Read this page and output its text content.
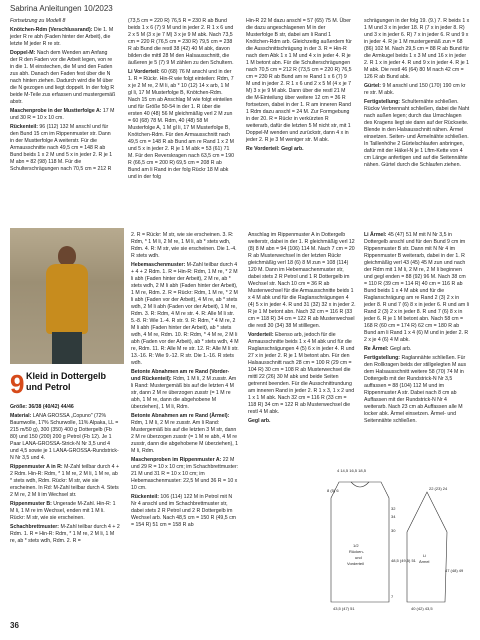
Sabrina Anleitungen 10/2023

Fortsetzung zu Modell 8

Knötchen-Rdm (Verschlussrand): Die 1. M jeder R re abh (Faden hinter der Arbeit), die letzte M jeder R re str.

Doppel-M: Nach dem Wenden am Anfang der R den Faden vor die Arbeit legen, von re in die 1. M einstechen, die M und den Faden zus abh. Danach den Faden fest über die N nach hinten ziehen. Dadurch wird die M über die N gezogen und liegt doppelt. In der folg R beide M-Teile zus erfassen und mustergemäß abstr.

Maschenprobe in der Mustterfolge A: 17 M und 30 R = 10 x 10 cm.

Rückenteil: 96 (112) 132 M anschl und für den Bund 15 cm im Rippenmuster str. Dann in der Mustterfolge A weiterstr. Für die Armausschnitte nach 49,5 cm = 148 R ab Bund beids 1 x 2 M und 5 x in jeder 2. R je 1 M abn = 82 (98) 118 M. Für die Schulterschrägungen nach 70,5 cm = 212 R

(73,5 cm = 220 R) 76,5 R = 230 R ab Bund beids 1 x 6 (7) 9 M und in jeder 2. R 1 x 6 und 2 x 5 M (3 x je 7 M) 3 x je 9 M abk. Nach 73,5 cm = 220 R (76,5 cm = 230 R) 79,5 cm = 238 R ab Bund die restl 38 (42) 40 M abk, davon bilden die mittl 28 M den Halsausschnitt, die äußeren je 5 (7) 9 M zählen zu den Schultern.

Li Vorderteil: 60 (68) 76 M anschl und in der 1. R = Rückr. Hin-R wie folgt einteilen: Rdm, 7 x je 2 M re, 2 M li, ab * 10 (12) 14 x arb, 1 M gl li, 17 M Musterfolge B, Knötchen-Rdm. Nach 15 cm ab Anschlag M wie folgt einteilen und für Größe 50-54 in der 1. R über die ersten 40 (48) 56 M gleichmäßig verl 2 M zun = 60 (68) 78 M. Rdm, 40 (48) 58 M Musterfolge A, 1 M gl li, 17 M Musterfolge B, Knötchen-Rdm. Für den Armausschnitt nach 49,5 cm = 148 R ab Bund am re Rand 1 x 2 M und 5 x in jeder 2. R je 1 M abk = 53 (61) 71 M. Für den Reverskragen nach 63,5 cm = 190 R (66,5 cm = 200 R) 69,5 cm = 208 R ab Bund am li Rand in der folg Rückr 18 M abk und in der folg

Hin-R 22 M dazu anschl = 57 (65) 75 M. Über die dazu angeschlagenen M in der Musterfolge B str, dabei am li Rand 1 Knötchen-Rdm arb. Gleichzeitig außerdem für die Ausschnittschrägung in der 3. R = Hin-R nach dem Abk 1 x 1 M und 4 x in jeder 4. R je 1 M betont abn. Für die Schulterschrägungen nach 70,5 cm = 212 R (73,5 cm = 220 R) 76,5 cm = 230 R ab Bund am re Rand 1 x 6 (7) 9 M und in jeder 2. R 1 x 6 und 2 x 5 M (4 x je 7 M) 3 x je 9 M abk. Dann über die restl 21 M die M-Einteilung über weitere 12 cm = 36 R fortsetzen, dabei in der 1. R am inneren Rand 1 Rdm dazu anschl = 24 M. Zur Formgebung in der 20. R = Rückr in verkürzten R weiterarb, dafür die letzten 5 M nicht str, mit 1 Doppel-M wenden und zurückstr, dann 4 x in jeder 2. R je 3 M weniger str. M abk.

Re Vorderteil: Gegl arb.

schrägungen in der folg 19. (9.) 7. R beids 1 x 1 M und 3 x in jeder 18. R (7 x in jeder 8. R) und 3 x in jeder 6. R) 7 x in jeder 6. R und 9 x in jeder 4. R je 1 M mustergemäß zun = 68 (86) 102 M. Nach 29,5 cm = 88 R ab Bund für die Armkugel beids 1 x 3 M und 16 x in jeder 2. R 1 x in jeder 4. R und 9 x in jeder 4. R je 1 M abk. Die restl 46 (64) 80 M nach 42 cm = 126 R ab Bund abk.

Gürtel: 9 M anschl und 150 (170) 190 cm kr re str. M abk.

Fertigstellung: Schulternähte schließen. Rückw Verbrennaht schließen, dabei die Naht nach außen legen; durch das Umschlagen des Kragens liegt sie dann auf der Rückseite. Blende in den Halsausschnitt nähen. Ärmel einsetzen. Seiten- und Ärmelnähte schließen. In Taillenhöhe 2 Gürtelschlaufen anbringen, dafür mit der Häkel-N je 1 Lftm-Kette von 4 cm Länge anfertigen und auf die Seitennähte nähen. Gürtel durch die Schlaufen ziehen.

9 Kleid in Dottergelb
und Petrol

Größe: 36/38 (40/42) 44/46

Material: LANA GROSSA „Copuno" (72% Baumwolle, 17% Schurwolle, 11% Alpaka, LL = 215 m/50 g), 300 (350) 400 g Dottergelb (Fb 80) und 150 (200) 200 g Petrol (Fb 12). Je 1 Paar LANA-GROSSA-Strick-N Nr 3,5 und 4 und 4,5 sowie je 1 LANA-GROSSA-Rundstrick-N Nr 3,5 und 4.

Rippenmuster A in R: M-Zahl teilbar durch 4 + 2 Rdm. Hin-R: Rdm, * 1 M re, 2 M li, 1 M re, ab * stets wdh, Rdm. Rückr: M str, wie sie erscheinen. In Rd: M-Zahl teilbar durch 4. Stets 2 M re, 2 M li im Wechsel str.

Rippenmuster B: Ungerade M-Zahl. Hin-R: 1 M li, 1 M re im Wechsel, enden mit 1 M li. Rückr: M str, wie sie erscheinen.

Schachbrettmuster: M-Zahl teilbar durch 4 + 2 Rdm. 1. R = Hin-R: Rdm, * 1 M re, 2 M li, 1 M re, ab * stets wdh, Rdm. 2. R =

2. R = Rückr: M str, wie sie erscheinen. 3. R: Rdm, * 1 M li, 2 M re, 1 M li, ab * stets wdh, Rdm. 4. R: M str, wie sie erscheinen. Die 1.-4. R stets wdh.

Hebemaschenmuster: M-Zahl teilbar durch 4 + 4 + 2 Rdm. 1. R = Hin-R: Rdm, 1 M re, * 2 M li abh (Faden hinter der Arbeit), 2 M re, ab * stets wdh, 2 M li abh (Faden hinter der Arbeit), 1 M re, Rdm. 2. R = Rückr: Rdm, 1 M re, * 2 M li abh (Faden vor der Arbeit), 4 M re, ab * stets wdh, 2 M li abh (Faden vor der Arbeit), 1 M re, Rdm. 3. R: Rdm, 4 M re str. 4. R: Alle M li str. 5.-8. R: Wie 1.-4. R str. 9. R: Rdm, * 4 M re, 2 M li abh (Faden hinter der Arbeit), ab * stets wdh, 4 M re, Rdm. 10. R: Rdm, * 4 M re, 2 M li abh (Faden vor der Arbeit), ab * stets wdh, 4 M re, Rdm. 11. R: Alle M re str. 12. R: Alle M li str. 13.-16. R: Wie 9.-12. R str. Die 1.-16. R stets wdh.

Betonte Abnahmen am re Rand (Vorder- und Rückenteil): Rdm, 1 M li, 2 M zusstr. Am li Rand: Mustergemäß bis auf die letzten 4 M str, dann 2 M re überzogen zusstr (= 1 M re abh, 1 M re, dann die abgehobene M überziehen), 1 M li, Rdm.

Betonte Abnahmen am re Rand (Ärmel): Rdm, 1 M li, 2 M re zusstr. Am li Rand: Mustergemäß bis auf die letzten 3 M str, dann 2 M re überzogen zusstr (= 1 M re abh, 4 M re zusstr, dann die abgehobene M überziehen), 1 M li, Rdm.

Maschenproben im Rippenmuster A: 22 M und 29 R = 10 x 10 cm; im Schachbrettmuster: 21 M und 31 R = 10 x 10 cm; im Hebemaschenmuster: 22,5 M und 36 R = 10 x 10 cm.

Rückenteil: 106 (114) 122 M in Petrol mit N Nr 4 anschl und im Schachbrettmuster str, dabei stets 2 R Petrol und 2 R Dottergelb im Wechsel arb. Nach 48,5 cm = 150 R (49,5 cm = 154 R) 51 cm = 158 R ab

Anschlag im Rippenmuster A in Dottergelb weiterstr, dabei in der 1. R gleichmäßig verl 12 (8) 8 M abn = 94 (106) 114 M. Nach 7 cm = 20 R ab Musterwechsel in der letzten Rückr gleichmäßig verl 18 (6) 8 M zun = 108 (114) 120 M. Dann im Hebemaschenmuster str, dabei stets 2 R Petrol und 1 R Dottergelb im Wechsel str. Nach 10 cm = 36 R ab Musterwechsel für die Armausschnitte beids 1 x 4 M abk und für die Raglanschrägungen 4 (4) 5 x in jeder 4. R und 31 (32) 32 x in jeder 2. R je 1 M betont abn. Nach 32 cm = 116 R (33 cm = 118 R) 34 cm = 122 R ab Musterwechsel die restl 30 (34) 38 M stilllegen.

Vorderteil: Ebenso arb, jedoch für die Armausschnitte beids 1 x 4 M abk und für die Raglanschrägungen 4 (5) 6 x in jeder 4. R und 27 x in jeder 2. R je 1 M betont abn. Für den Halsausschnitt nach 28 cm = 100 R (29 cm = 104 R) 30 cm = 108 R ab Musterwechsel die mittl 22 (26) 30 M abk und beide Seiten getrennt beenden. Für die Ausschnittrundung am inneren Rand in jeder 2. R 1 x 3, 1 x 2 und 1 x 1 M abk. Nach 32 cm = 116 R (33 cm = 118 R) 34 cm = 122 R ab Musterwechsel die restl 4 M abk.

Gegl arb.

Li Ärmel: 45 (47) 51 M mit N Nr 3,5 in Dottergelb anschl und für den Bund 9 cm im Rippenmuster B str. Dann mit N Nr 4 im Rippenmuster B weiterarb, dabei in der 1. R gleichmäßig verl 43 (45) 45 M zun und nach der Rdm mit 1 M li, 2 M re, 2 M li beginnen und gegl enden = 88 (92) 96 M. Nach 38 cm = 110 R (39 cm = 114 R) 40 cm = 116 R ab Bund beids 1 x 4 M abk und für die Raglanschrägung am re Rand 2 (3) 2 x in jeder 8. R und 7 (6) 8 x in jeder 6. R und am li Rand 2 (3) 2 x in jeder 8. R und 7 (6) 8 x in jeder 6. R je 1 M betont abn. Nach 58 cm = 168 R (60 cm = 174 R) 62 cm = 180 R ab Bund am li Rand 1 x 4 (6) M und in jeder 2. R 2 x je 4 (6) 4 M abk.

Re Ärmel: Gegl arb.

Fertigstellung: Raglannähte schließen. Für den Rollkragen beids der stillgelegten M aus dem Halsausschnitt weitere 58 (70) 74 M in Dottergelb mit der Rundstrick-N Nr 3,5 auffassen = 88 (104) 112 M und im Rippenmuster A str. Dabei nach 8 cm ab Auffassen mit der Rundstrick-N Nr 4 weiterarb. Nach 23 cm ab Auffassen alle M locker abk. Ärmel einsetzen. Ärmel- und Seitennähte schließen.

1/2
Rücken-
und
Vorderteil
Li
Ärmel
4 14,5 16,5 18,5
8 (5) 6
32
34
43,5 (47) 51	40 (42) 43,5
48,5 (49,5) 51
47 (48) 49
22 (23) 24
30
7
36
